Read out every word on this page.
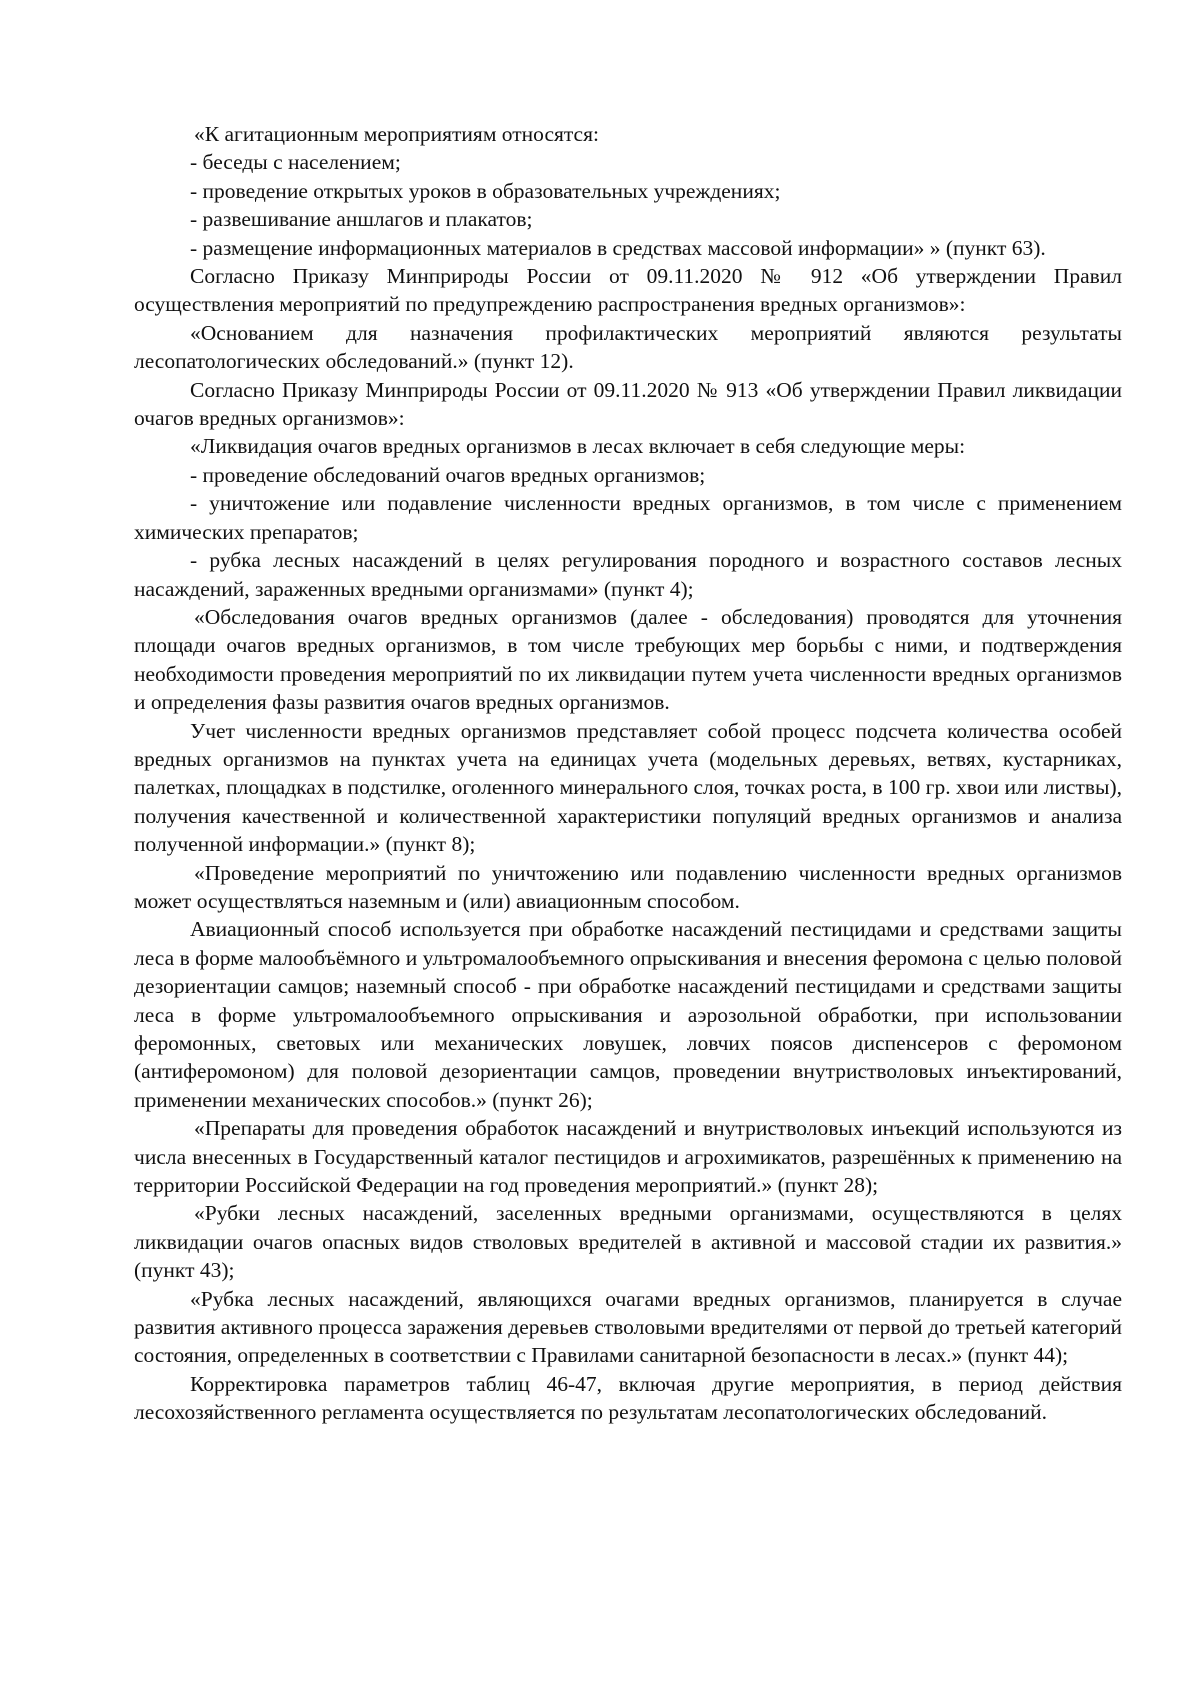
«К агитационным мероприятиям относятся:

- беседы с населением;

- проведение открытых уроков в образовательных учреждениях;

- развешивание аншлагов и плакатов;

- размещение информационных материалов в средствах массовой информации» » (пункт 63).

Согласно Приказу Минприроды России от 09.11.2020 № 912 «Об утверждении Правил осуществления мероприятий по предупреждению распространения вредных организмов»:

«Основанием для назначения профилактических мероприятий являются результаты лесопатологических обследований.» (пункт 12).

Согласно Приказу Минприроды России от 09.11.2020 № 913 «Об утверждении Правил ликвидации очагов вредных организмов»:

«Ликвидация очагов вредных организмов в лесах включает в себя следующие меры:

- проведение обследований очагов вредных организмов;

- уничтожение или подавление численности вредных организмов, в том числе с применением химических препаратов;

- рубка лесных насаждений в целях регулирования породного и возрастного составов лесных насаждений, зараженных вредными организмами» (пункт 4);

«Обследования очагов вредных организмов (далее - обследования) проводятся для уточнения площади очагов вредных организмов, в том числе требующих мер борьбы с ними, и подтверждения необходимости проведения мероприятий по их ликвидации путем учета численности вредных организмов и определения фазы развития очагов вредных организмов.

Учет численности вредных организмов представляет собой процесс подсчета количества особей вредных организмов на пунктах учета на единицах учета (модельных деревьях, ветвях, кустарниках, палетках, площадках в подстилке, оголенного минерального слоя, точках роста, в 100 гр. хвои или листвы), получения качественной и количественной характеристики популяций вредных организмов и анализа полученной информации.» (пункт 8);

«Проведение мероприятий по уничтожению или подавлению численности вредных организмов может осуществляться наземным и (или) авиационным способом.

Авиационный способ используется при обработке насаждений пестицидами и средствами защиты леса в форме малообъёмного и ультромалообъемного опрыскивания и внесения феромона с целью половой дезориентации самцов; наземный способ - при обработке насаждений пестицидами и средствами защиты леса в форме ультромалообъемного опрыскивания и аэрозольной обработки, при использовании феромонных, световых или механических ловушек, ловчих поясов диспенсеров с феромоном (антиферомоном) для половой дезориентации самцов, проведении внутристволовых инъектирований, применении механических способов.» (пункт 26);

«Препараты для проведения обработок насаждений и внутристволовых инъекций используются из числа внесенных в Государственный каталог пестицидов и агрохимикатов, разрешённых к применению на территории Российской Федерации на год проведения мероприятий.» (пункт 28);

«Рубки лесных насаждений, заселенных вредными организмами, осуществляются в целях ликвидации очагов опасных видов стволовых вредителей в активной и массовой стадии их развития.» (пункт 43);

«Рубка лесных насаждений, являющихся очагами вредных организмов, планируется в случае развития активного процесса заражения деревьев стволовыми вредителями от первой до третьей категорий состояния, определенных в соответствии с Правилами санитарной безопасности в лесах.» (пункт 44);

Корректировка параметров таблиц 46-47, включая другие мероприятия, в период действия лесохозяйственного регламента осуществляется по результатам лесопатологических обследований.
